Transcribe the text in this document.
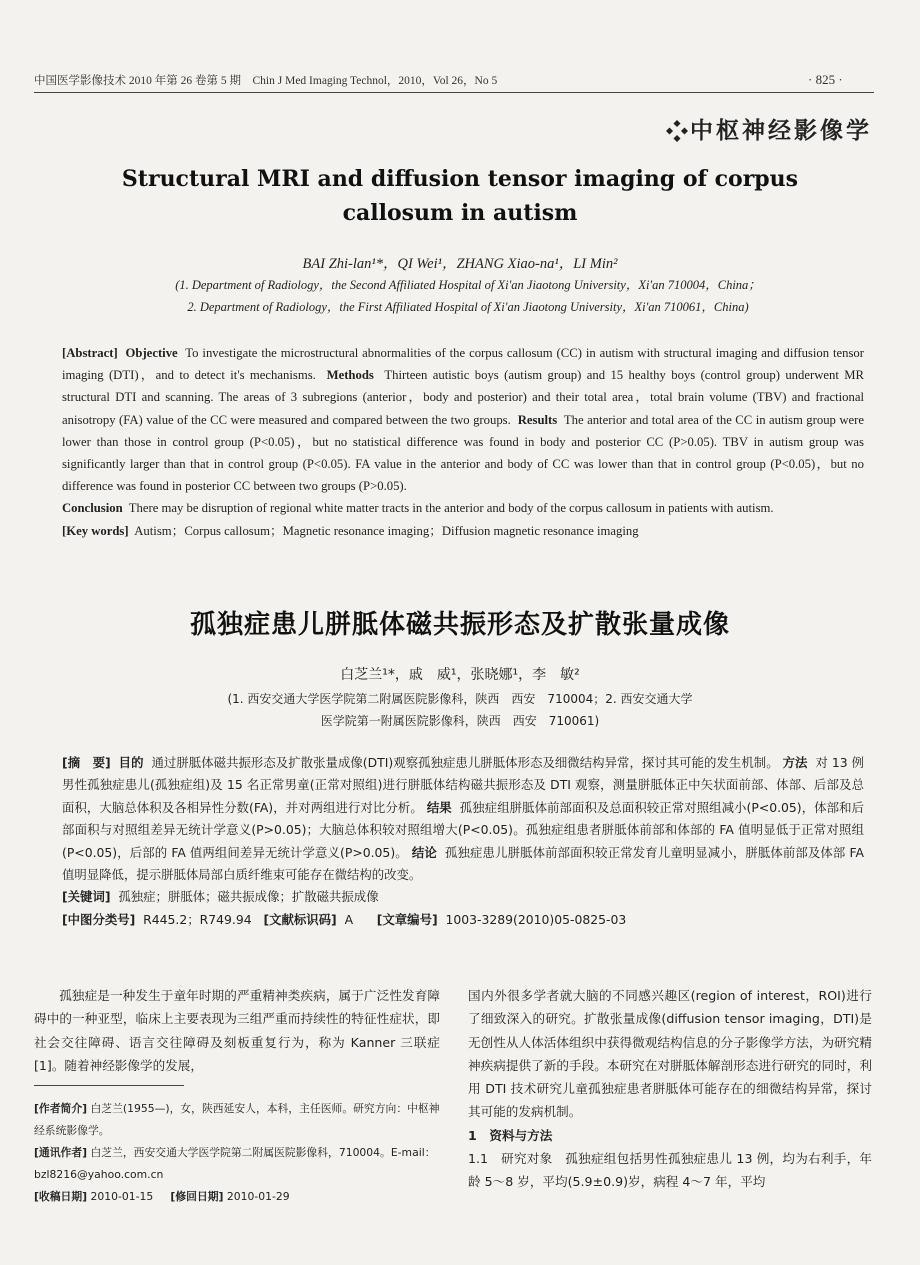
中国医学影像技术 2010 年第 26 卷第 5 期　Chin J Med Imaging Technol，2010，Vol 26，No 5	· 825 ·
中枢神经影像学
Structural MRI and diffusion tensor imaging of corpus
callosum in autism
BAI Zhi-lan¹*，QI Wei¹，ZHANG Xiao-na¹，LI Min²
(1. Department of Radiology，the Second Affiliated Hospital of Xi'an Jiaotong University，Xi'an 710004，China；
2. Department of Radiology，the First Affiliated Hospital of Xi'an Jiaotong University，Xi'an 710061，China)
[Abstract] Objective To investigate the microstructural abnormalities of the corpus callosum (CC) in autism with structural imaging and diffusion tensor imaging (DTI)，and to detect it's mechanisms. Methods Thirteen autistic boys (autism group) and 15 healthy boys (control group) underwent MR structural DTI and scanning. The areas of 3 subregions (anterior，body and posterior) and their total area，total brain volume (TBV) and fractional anisotropy (FA) value of the CC were measured and compared between the two groups. Results The anterior and total area of the CC in autism group were lower than those in control group (P<0.05)，but no statistical difference was found in body and posterior CC (P>0.05). TBV in autism group was significantly larger than that in control group (P<0.05). FA value in the anterior and body of CC was lower than that in control group (P<0.05)，but no difference was found in posterior CC between two groups (P>0.05).
Conclusion There may be disruption of regional white matter tracts in the anterior and body of the corpus callosum in patients with autism.
[Key words] Autism；Corpus callosum；Magnetic resonance imaging；Diffusion magnetic resonance imaging
孤独症患儿胼胝体磁共振形态及扩散张量成像
白芝兰¹*，戚　威¹，张晓娜¹，李　敏²
(1. 西安交通大学医学院第二附属医院影像科，陕西　西安　710004；2. 西安交通大学
医学院第一附属医院影像科，陕西　西安　710061)
[摘　要] 目的 通过胼胝体磁共振形态及扩散张量成像(DTI)观察孤独症患儿胼胝体形态及细微结构异常，探讨其可能的发生机制。 方法 对 13 例男性孤独症患儿(孤独症组)及 15 名正常男童(正常对照组)进行胼胝体结构磁共振形态及 DTI 观察，测量胼胝体正中矢状面前部、体部、后部及总面积，大脑总体积及各相异性分数(FA)，并对两组进行对比分析。 结果 孤独症组胼胝体前部面积及总面积较正常对照组减小(P<0.05)，体部和后部面积与对照组差异无统计学意义(P>0.05)；大脑总体积较对照组增大(P<0.05)。孤独症组患者胼胝体前部和体部的 FA 值明显低于正常对照组(P<0.05)，后部的 FA 值两组间差异无统计学意义(P>0.05)。 结论 孤独症患儿胼胝体前部面积较正常发育儿童明显减小，胼胝体前部及体部 FA 值明显降低，提示胼胝体局部白质纤维束可能存在微结构的改变。
[关键词] 孤独症；胼胝体；磁共振成像；扩散磁共振成像
[中图分类号] R445.2；R749.94 [文献标识码] A [文章编号] 1003-3289(2010)05-0825-03
孤独症是一种发生于童年时期的严重精神类疾病，属于广泛性发育障碍中的一种亚型，临床上主要表现为三组严重而持续性的特征性症状，即社会交往障碍、语言交往障碍及刻板重复行为，称为 Kanner 三联症[1]。随着神经影像学的发展，
国内外很多学者就大脑的不同感兴趣区(region of interest，ROI)进行了细致深入的研究。扩散张量成像(diffusion tensor imaging，DTI)是无创性从人体活体组织中获得微观结构信息的分子影像学方法，为研究精神疾病提供了新的手段。本研究在对胼胝体解剖形态进行研究的同时，利用 DTI 技术研究儿童孤独症患者胼胝体可能存在的细微结构异常，探讨其可能的发病机制。
1　资料与方法
1.1　研究对象　孤独症组包括男性孤独症患儿 13 例，均为右利手，年龄 5～8 岁，平均(5.9±0.9)岁，病程 4～7 年，平均
[作者简介] 白芝兰(1955—)，女，陕西延安人，本科，主任医师。研究方向：中枢神经系统影像学。
[通讯作者] 白芝兰，西安交通大学医学院第二附属医院影像科，710004。E-mail：bzl8216@yahoo.com.cn
[收稿日期] 2010-01-15 [修回日期] 2010-01-29
